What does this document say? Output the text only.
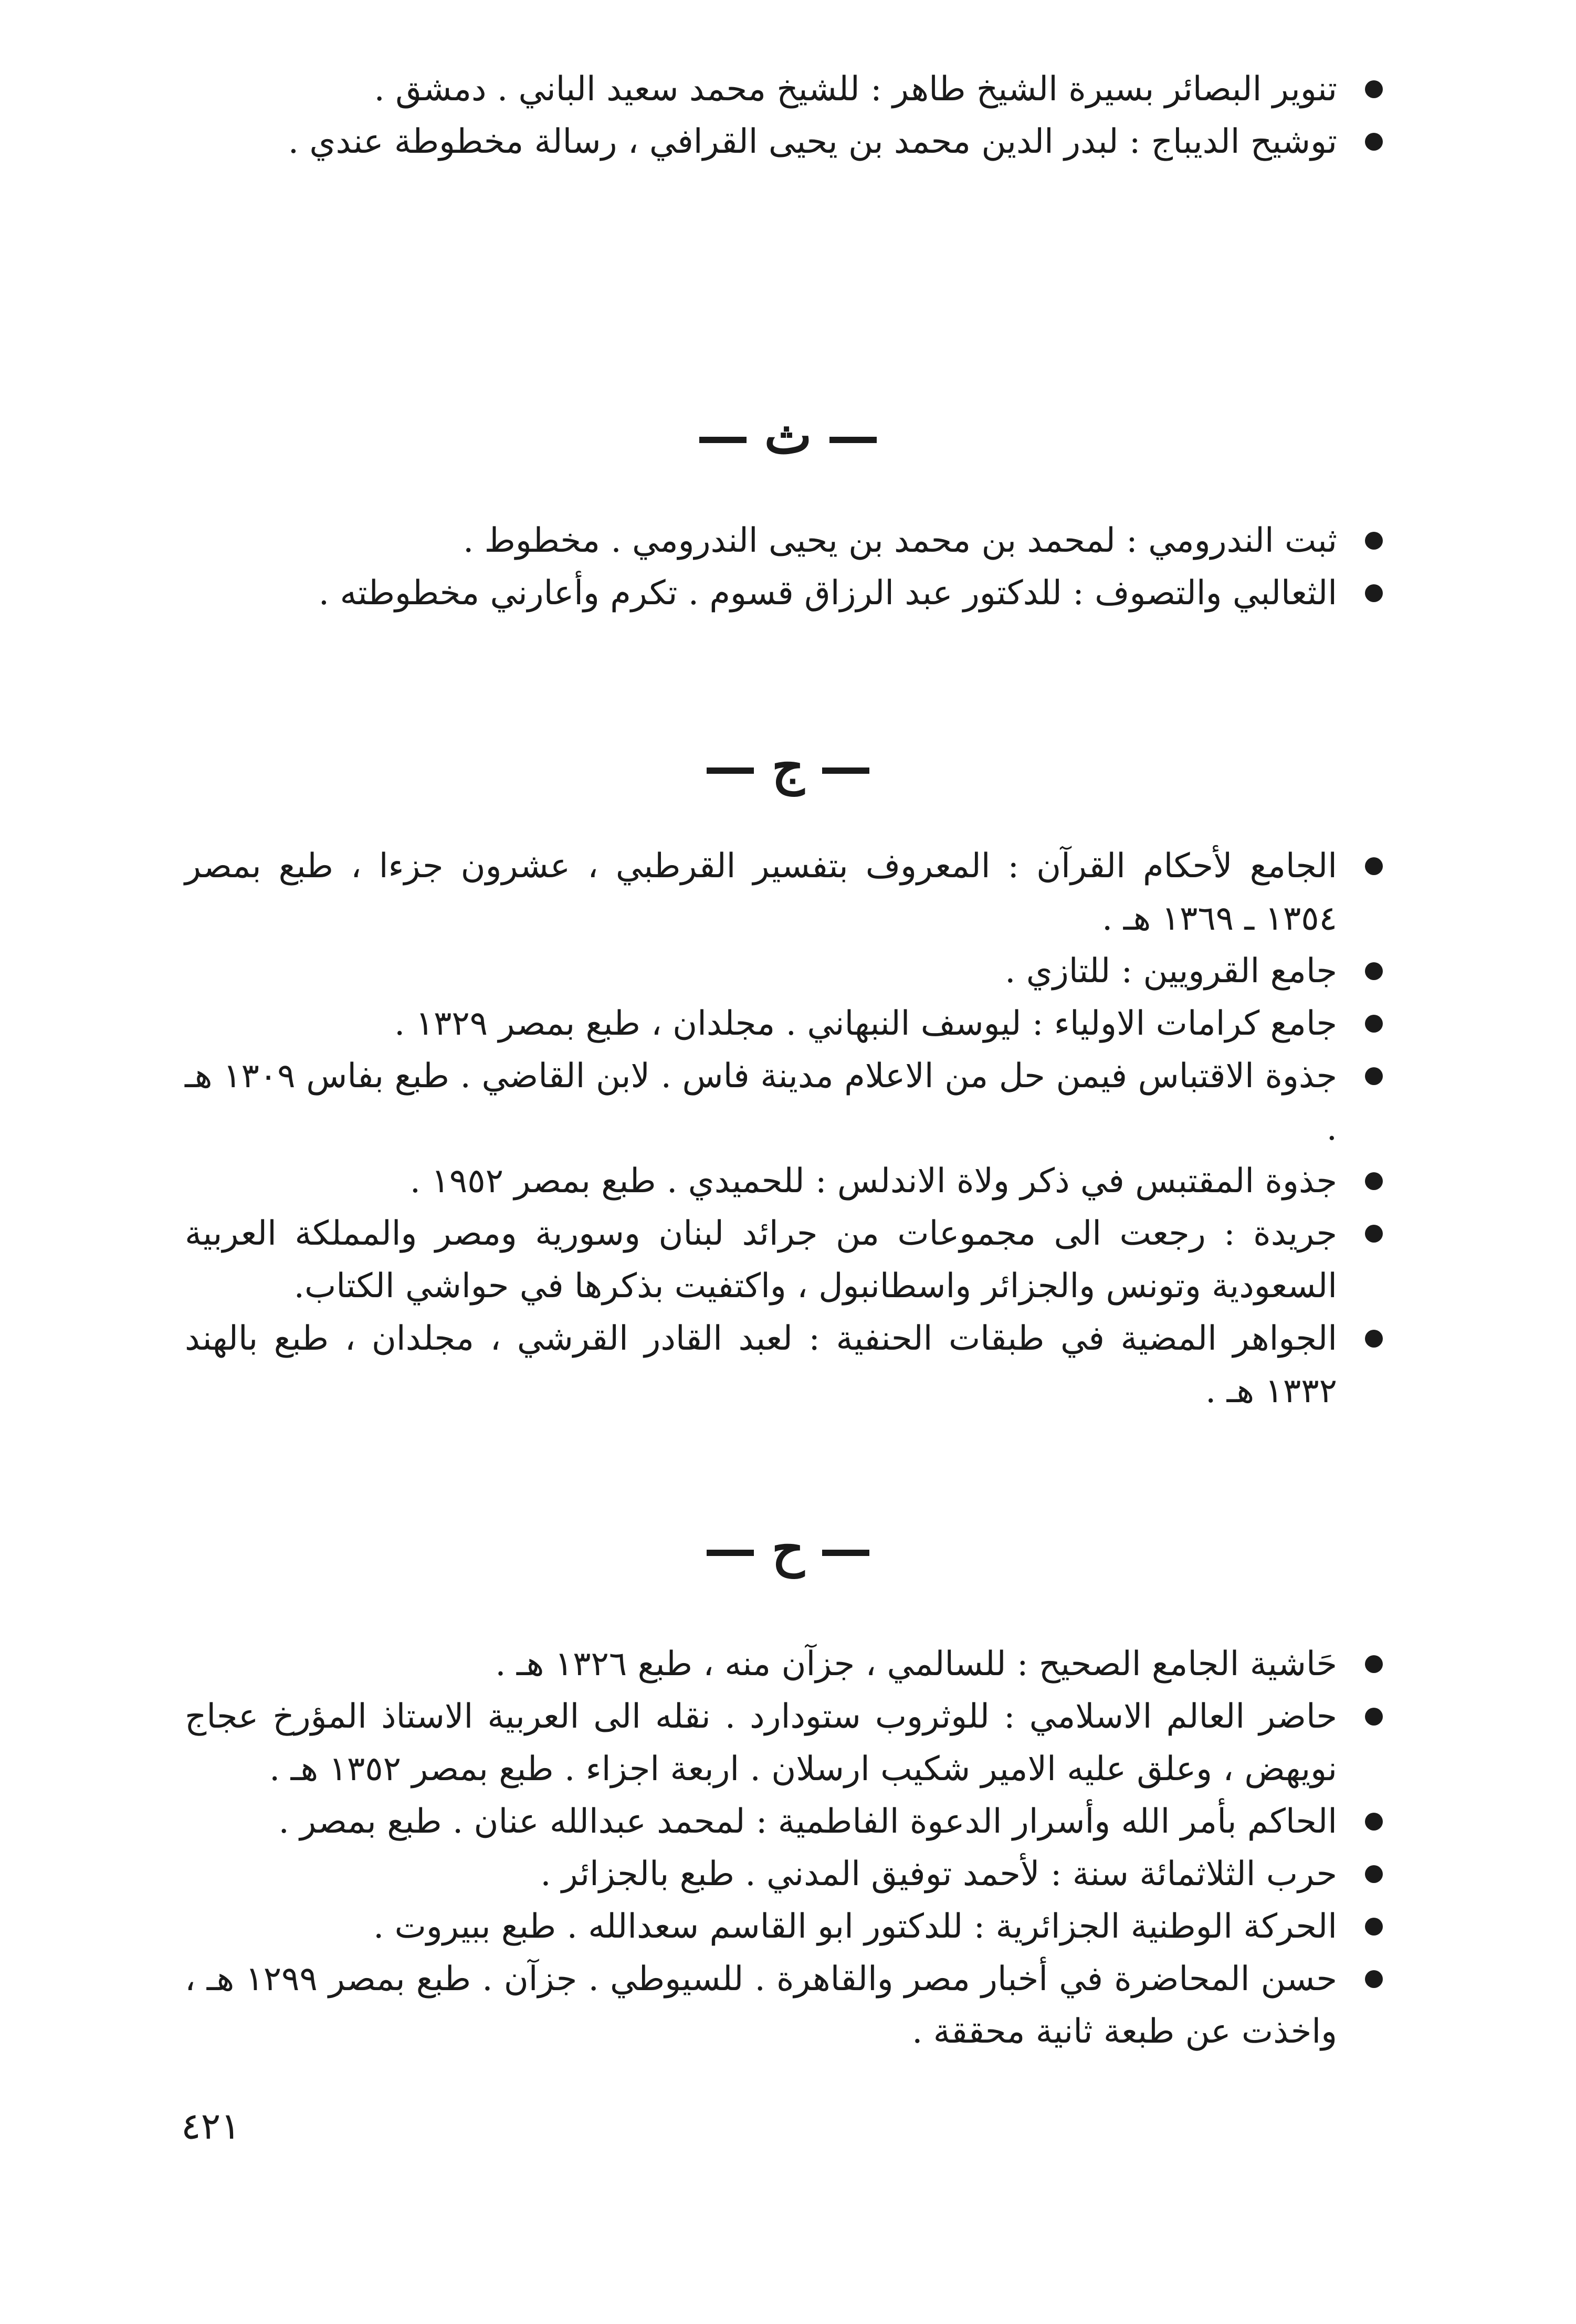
تنوير البصائر بسيرة الشيخ طاهر : للشيخ محمد سعيد الباني . دمشق .
توشيح الديباج : لبدر الدين محمد بن يحيى القرافي ، رسالة مخطوطة عندي .
ث
ثبت الندرومي : لمحمد بن محمد بن يحيى الندرومي . مخطوط .
الثعالبي والتصوف : للدكتور عبد الرزاق قسوم . تكرم وأعارني مخطوطته .
ج
الجامع لأحكام القرآن : المعروف بتفسير القرطبي ، عشرون جزءا ، طبع بمصر ١٣٥٤ ـ ١٣٦٩ هـ .
جامع القرويين : للتازي .
جامع كرامات الاولياء : ليوسف النبهاني . مجلدان ، طبع بمصر ١٣٢٩ .
جذوة الاقتباس فيمن حل من الاعلام مدينة فاس . لابن القاضي . طبع بفاس ١٣٠٩ هـ .
جذوة المقتبس في ذكر ولاة الاندلس : للحميدي . طبع بمصر ١٩٥٢ .
جريدة : رجعت الى مجموعات من جرائد لبنان وسورية ومصر والمملكة العربية السعودية وتونس والجزائر واسطانبول ، واكتفيت بذكرها في حواشي الكتاب.
الجواهر المضية في طبقات الحنفية : لعبد القادر القرشي ، مجلدان ، طبع بالهند ١٣٣٢ هـ .
ح
حَاشية الجامع الصحيح : للسالمي ، جزآن منه ، طبع ١٣٢٦ هـ .
حاضر العالم الاسلامي : للوثروب ستودارد . نقله الى العربية الاستاذ المؤرخ عجاج نويهض ، وعلق عليه الامير شكيب ارسلان . اربعة اجزاء . طبع بمصر ١٣٥٢ هـ .
الحاكم بأمر الله وأسرار الدعوة الفاطمية : لمحمد عبدالله عنان . طبع بمصر .
حرب الثلاثمائة سنة : لأحمد توفيق المدني . طبع بالجزائر .
الحركة الوطنية الجزائرية : للدكتور ابو القاسم سعدالله . طبع ببيروت .
حسن المحاضرة في أخبار مصر والقاهرة . للسيوطي . جزآن . طبع بمصر ١٢٩٩ هـ ، واخذت عن طبعة ثانية محققة .
٤٢١
